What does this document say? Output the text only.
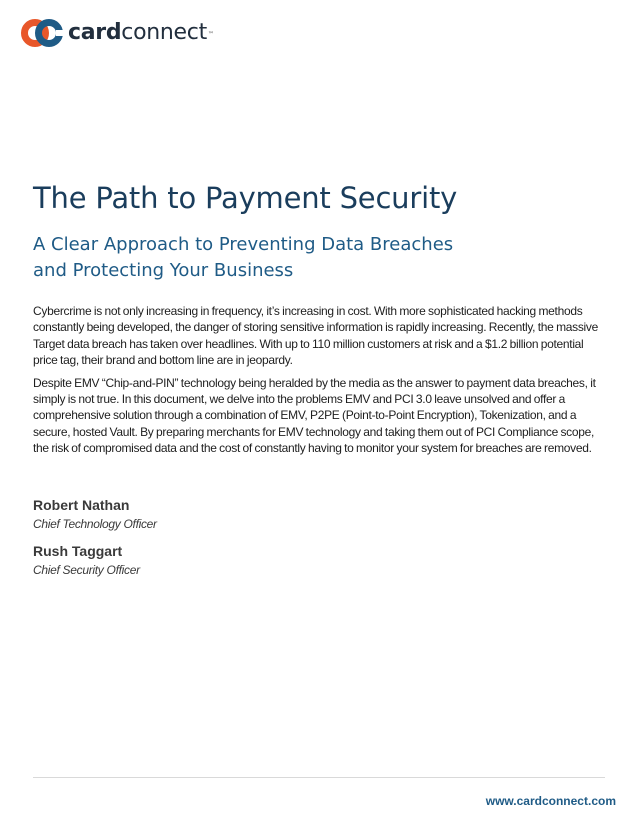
cardconnect™
The Path to Payment Security
A Clear Approach to Preventing Data Breaches
and Protecting Your Business

Cybercrime is not only increasing in frequency, it’s increasing in cost. With more sophisticated hacking methods constantly being developed, the danger of storing sensitive information is rapidly increasing. Recently, the massive Target data breach has taken over headlines. With up to 110 million customers at risk and a $1.2 billion potential price tag, their brand and bottom line are in jeopardy.

Despite EMV “Chip-and-PIN” technology being heralded by the media as the answer to payment data breaches, it simply is not true. In this document, we delve into the problems EMV and PCI 3.0 leave unsolved and offer a comprehensive solution through a combination of EMV, P2PE (Point-to-Point Encryption), Tokenization, and a secure, hosted Vault. By preparing merchants for EMV technology and taking them out of PCI Compliance scope, the risk of compromised data and the cost of constantly having to monitor your system for breaches are removed.

Robert Nathan
Chief Technology Officer
Rush Taggart
Chief Security Officer
www.cardconnect.com
